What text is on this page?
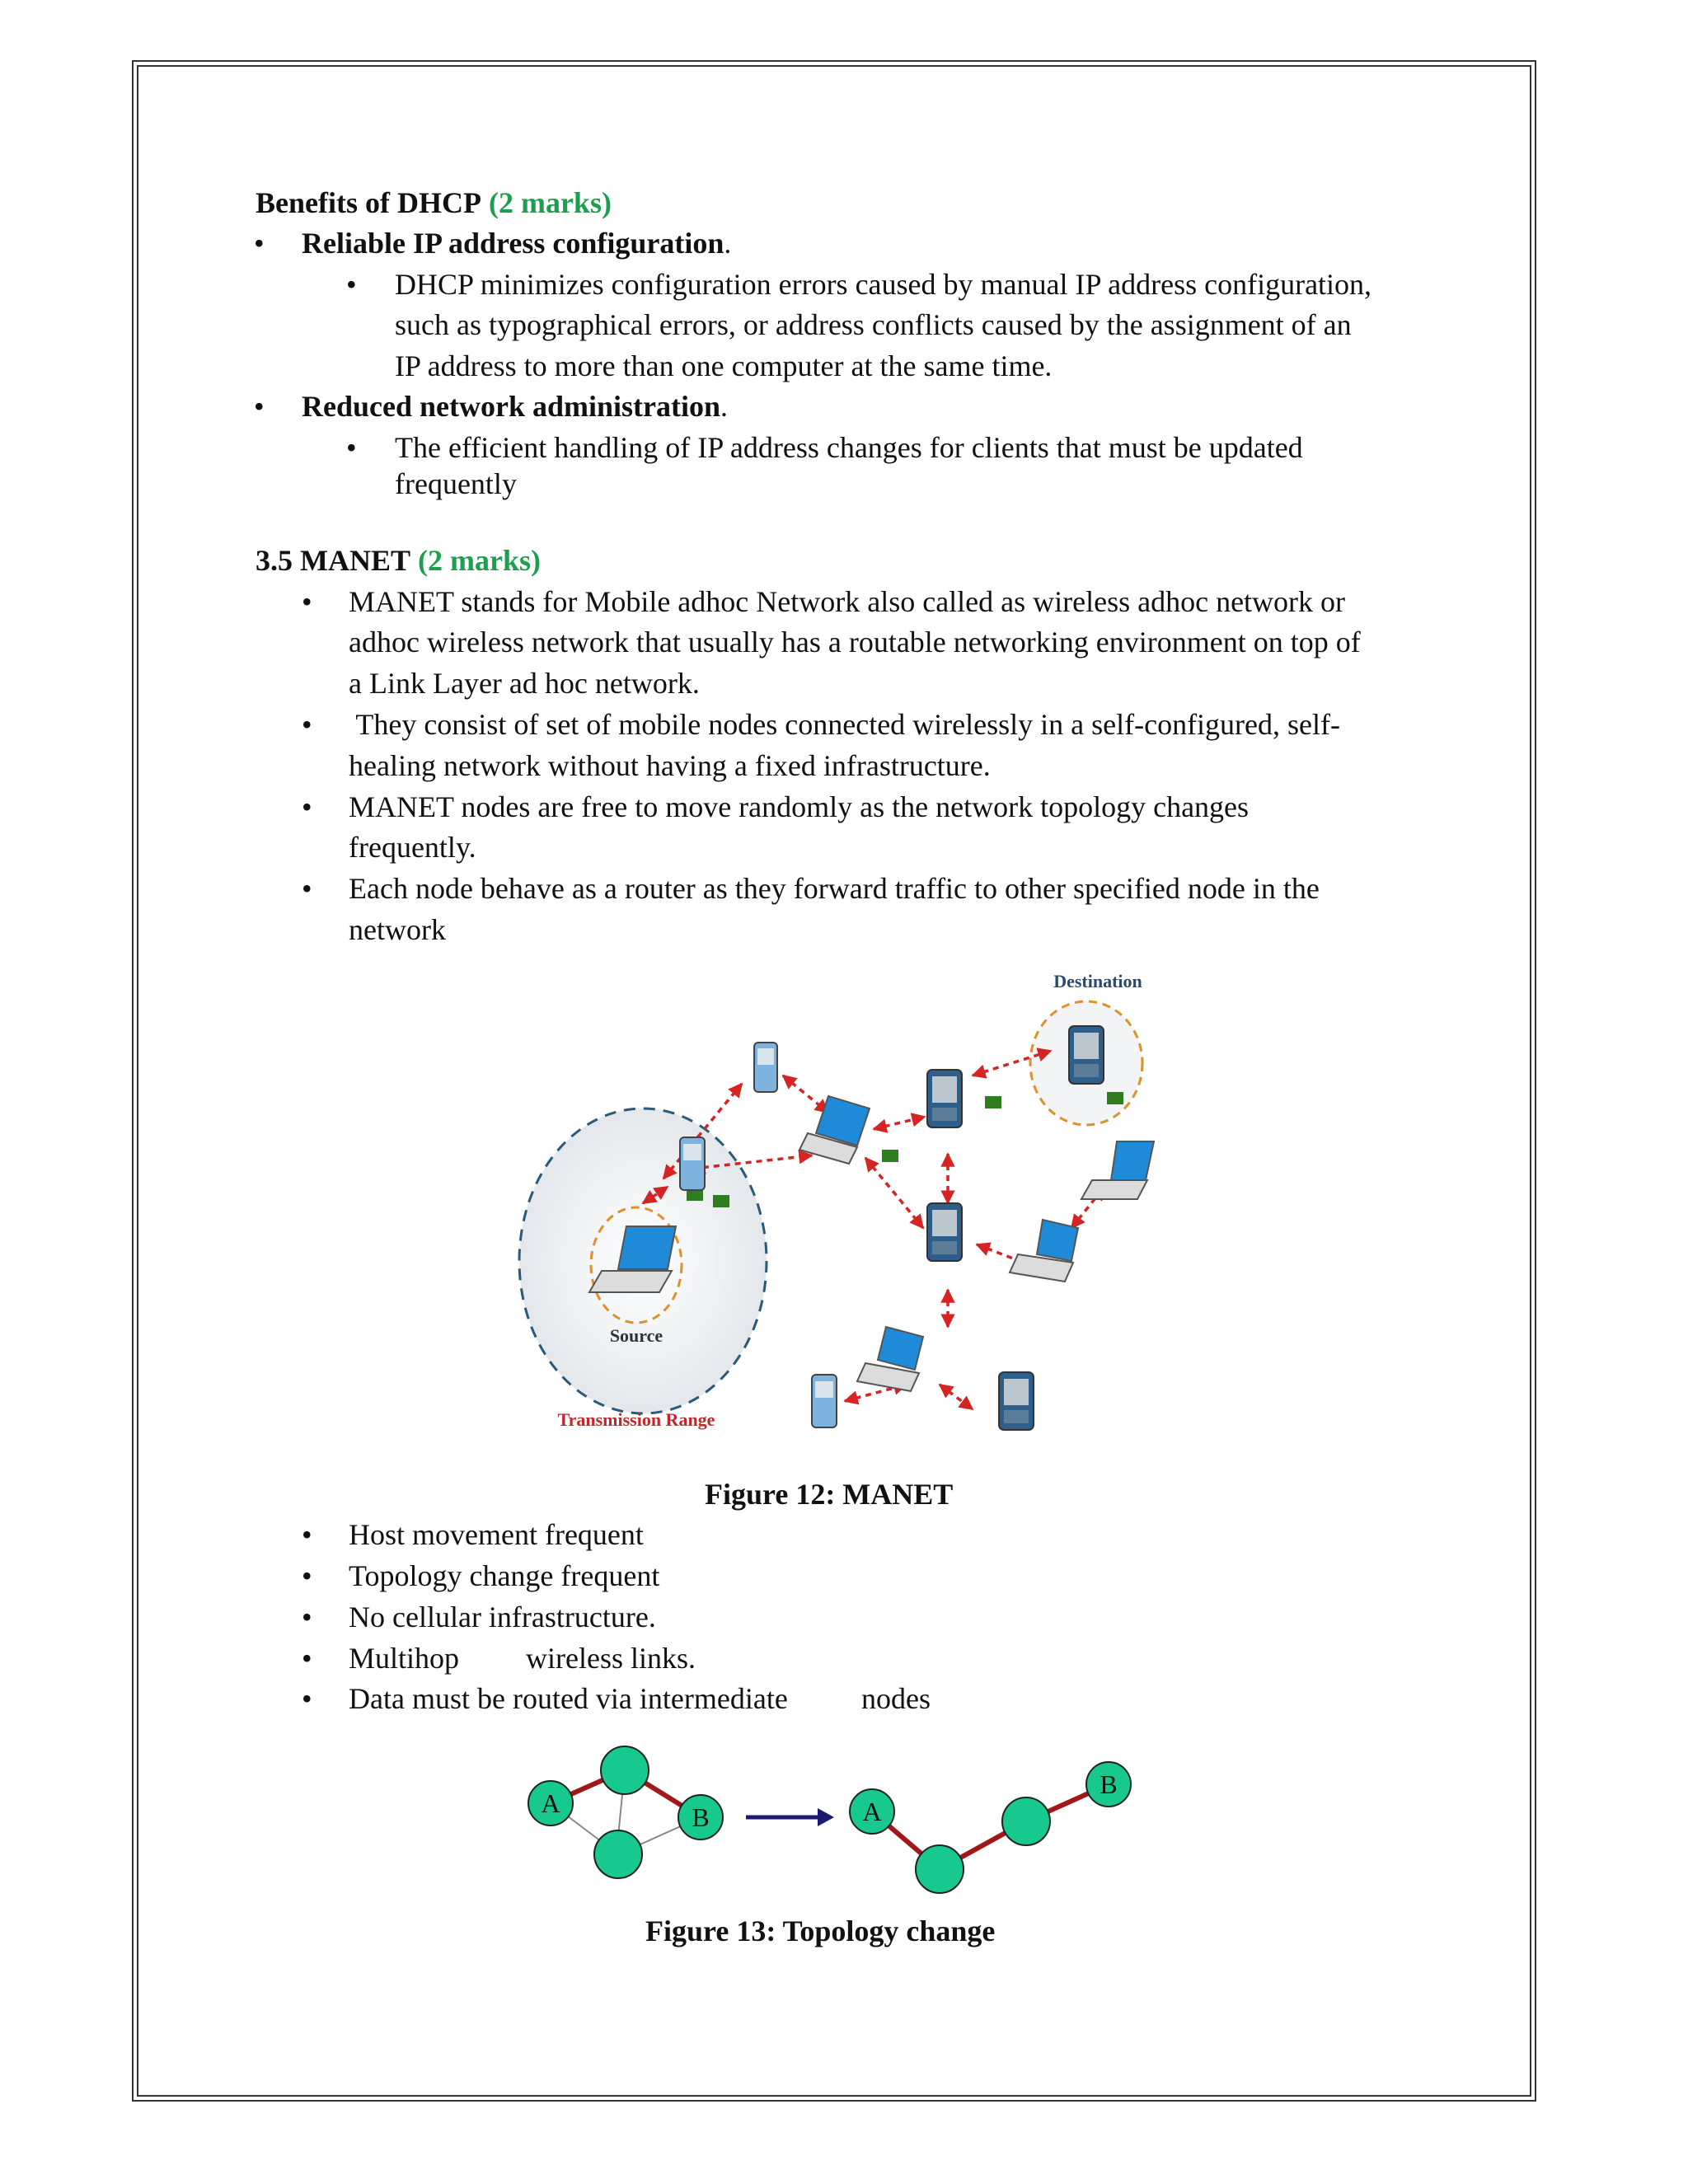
Benefits of DHCP (2 marks)
• Reliable IP address configuration.
• DHCP minimizes configuration errors caused by manual IP address configuration,
such as typographical errors, or address conflicts caused by the assignment of an
IP address to more than one computer at the same time.
• Reduced network administration.
• The efficient handling of IP address changes for clients that must be updated
frequently
3.5 MANET (2 marks)
• MANET stands for Mobile adhoc Network also called as wireless adhoc network or
adhoc wireless network that usually has a routable networking environment on top of
a Link Layer ad hoc network.
• They consist of set of mobile nodes connected wirelessly in a self-configured, self-
healing network without having a fixed infrastructure.
• MANET nodes are free to move randomly as the network topology changes
frequently.
• Each node behave as a router as they forward traffic to other specified node in the
network
Destination
Source
Transmission Range
Figure 12: MANET
• Host movement frequent
• Topology change frequent
• No cellular infrastructure.
• Multihop wireless links.
• Data must be routed via intermediate nodes
A	B	A
B
Figure 13: Topology change
